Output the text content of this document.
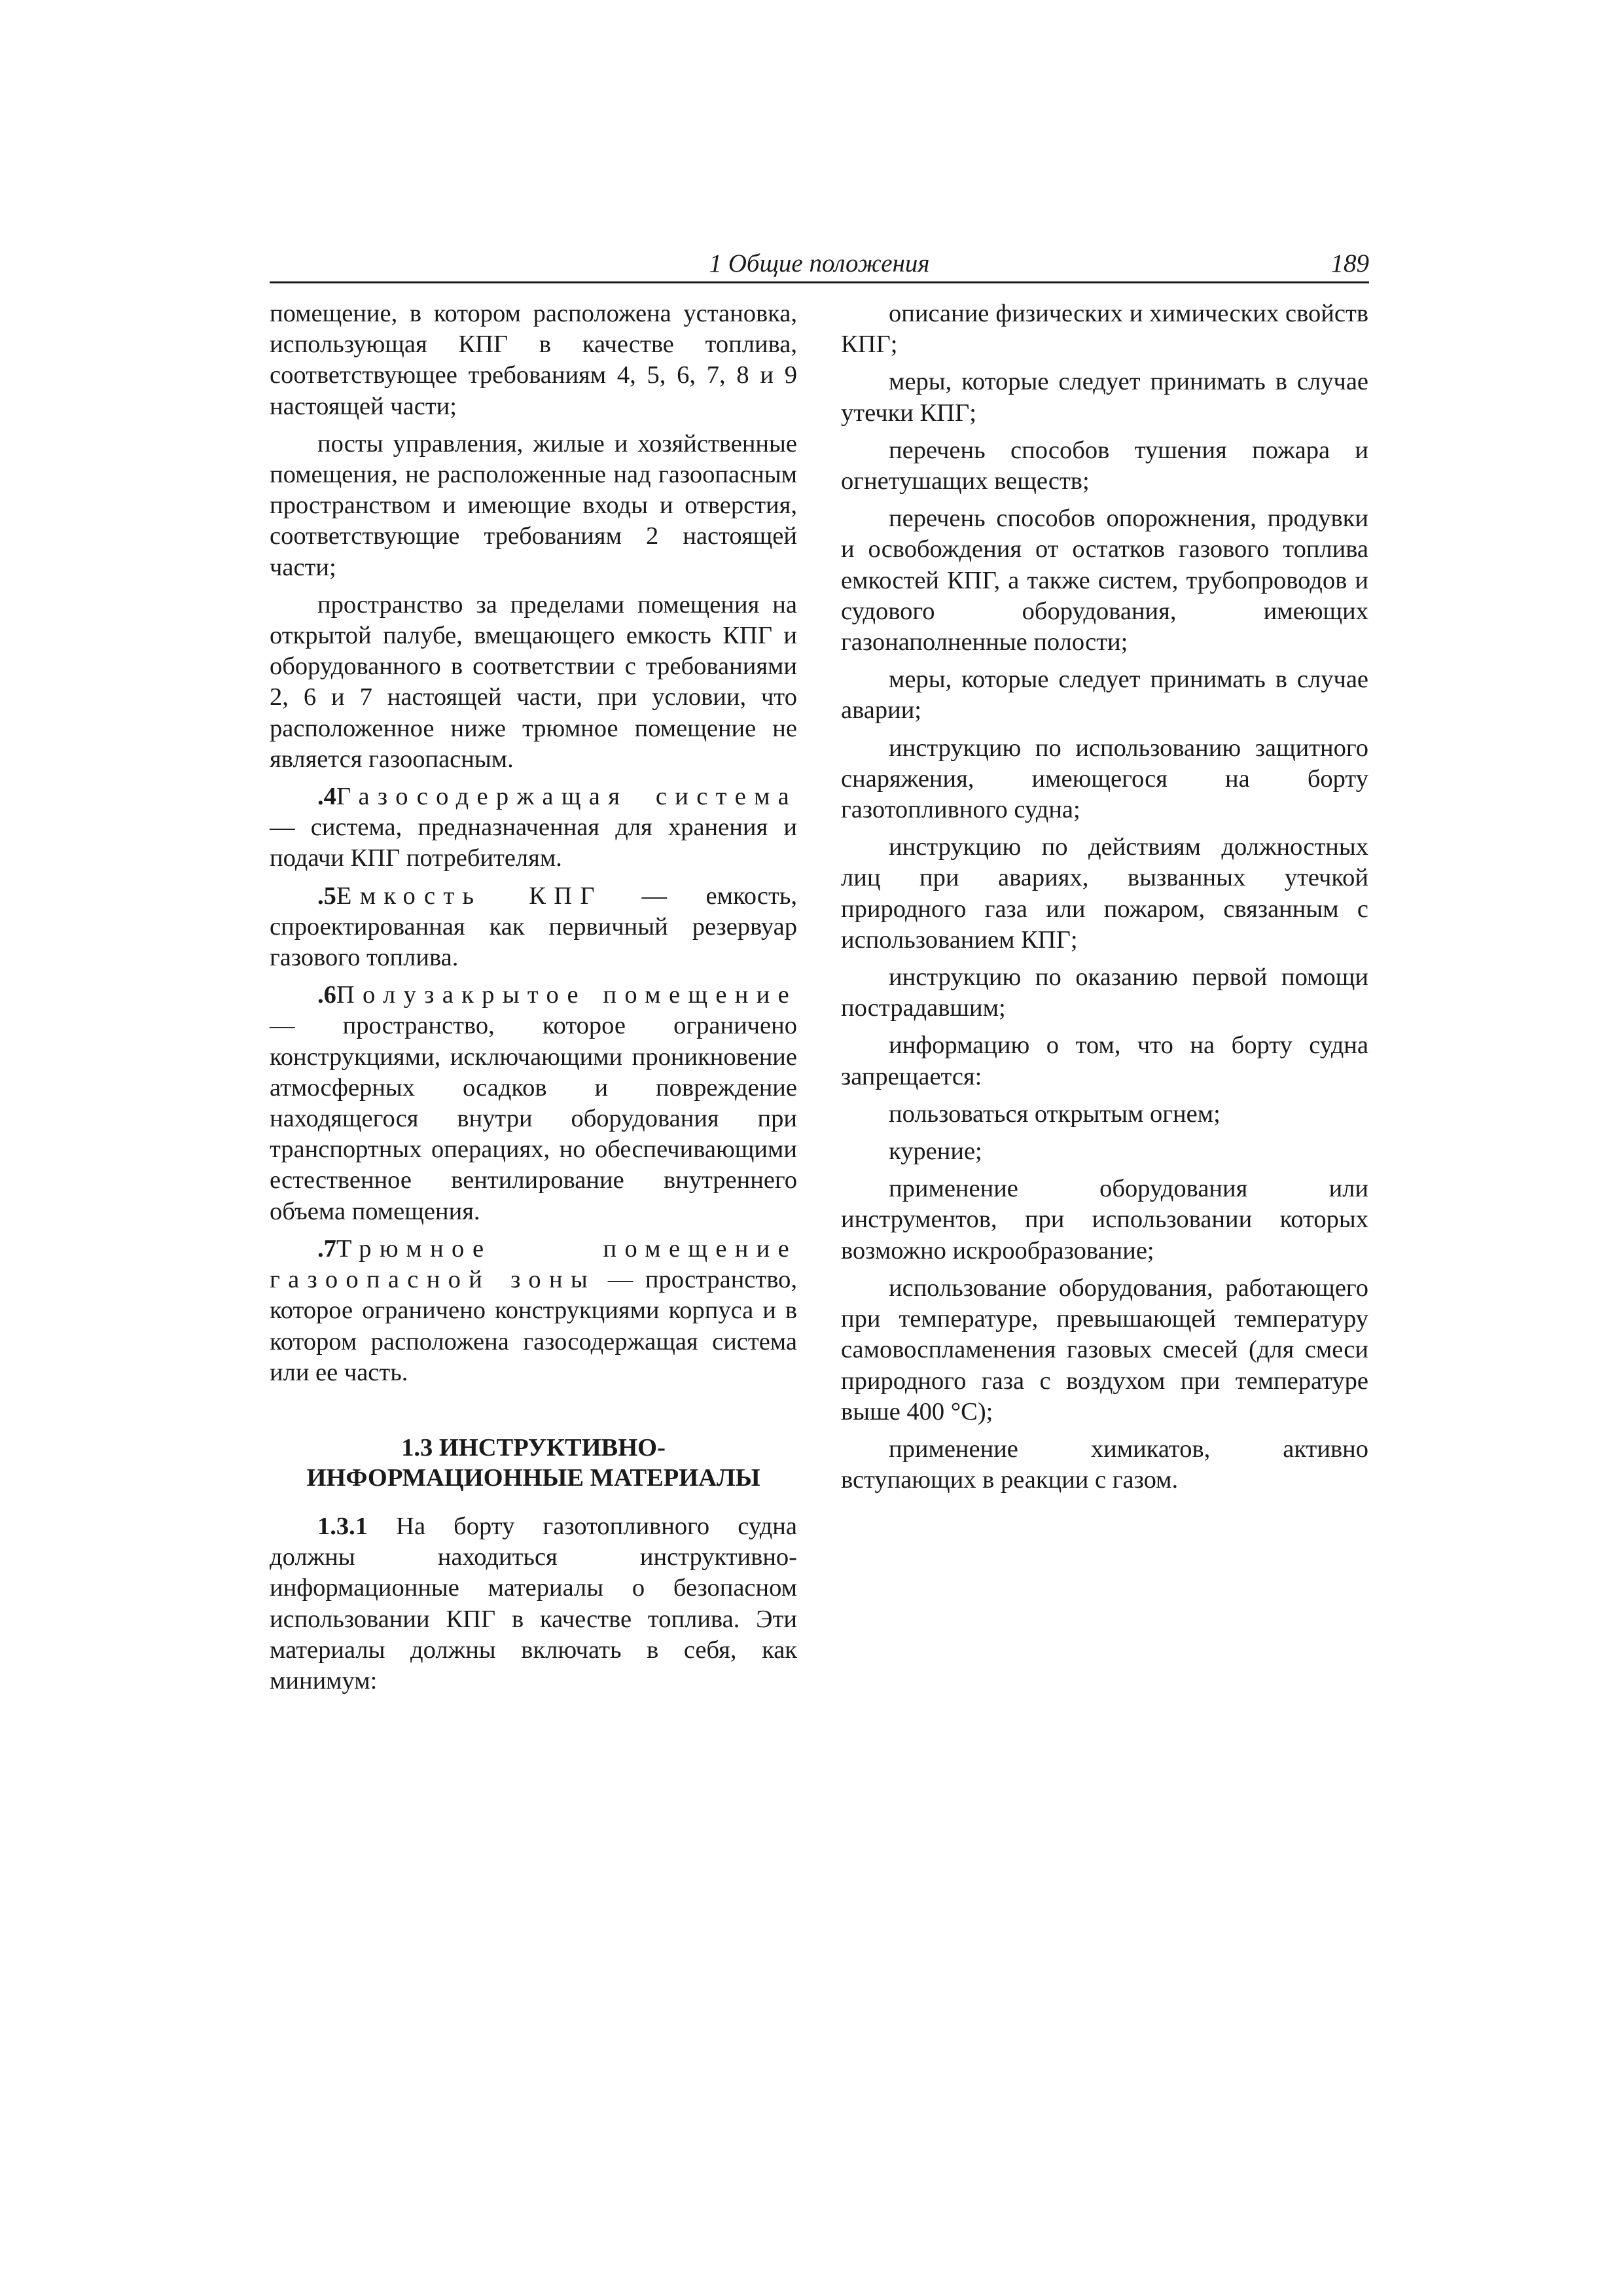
1 Общие положения	189

помещение, в котором расположена установка, использующая КПГ в качестве топлива, соответствующее требованиям 4, 5, 6, 7, 8 и 9 настоящей части;

посты управления, жилые и хозяйственные помещения, не расположенные над газоопасным пространством и имеющие входы и отверстия, соответствующие требованиям 2 настоящей части;

пространство за пределами помещения на открытой палубе, вмещающего емкость КПГ и оборудованного в соответствии с требованиями 2, 6 и 7 настоящей части, при условии, что расположенное ниже трюмное помещение не является газоопасным.

.4Газосодержащая система — система, предназначенная для хранения и подачи КПГ потребителям.

.5Емкость КПГ — емкость, спроектированная как первичный резервуар газового топлива.

.6Полузакрытое помещение — пространство, которое ограничено конструкциями, исключающими проникновение атмосферных осадков и повреждение находящегося внутри оборудования при транспортных операциях, но обеспечивающими естественное вентилирование внутреннего объема помещения.

.7Трюмное помещение газоопасной зоны — пространство, которое ограничено конструкциями корпуса и в котором расположена газосодержащая система или ее часть.

1.3 ИНСТРУКТИВНО-
ИНФОРМАЦИОННЫЕ МАТЕРИАЛЫ

1.3.1 На борту газотопливного судна должны находиться инструктивно-информационные материалы о безопасном использовании КПГ в качестве топлива. Эти материалы должны включать в себя, как минимум:

описание физических и химических свойств КПГ;

меры, которые следует принимать в случае утечки КПГ;

перечень способов тушения пожара и огнетушащих веществ;

перечень способов опорожнения, продувки и освобождения от остатков газового топлива емкостей КПГ, а также систем, трубопроводов и судового оборудования, имеющих газонаполненные полости;

меры, которые следует принимать в случае аварии;

инструкцию по использованию защитного снаряжения, имеющегося на борту газотопливного судна;

инструкцию по действиям должностных лиц при авариях, вызванных утечкой природного газа или пожаром, связанным с использованием КПГ;

инструкцию по оказанию первой помощи пострадавшим;

информацию о том, что на борту судна запрещается:

пользоваться открытым огнем;

курение;

применение оборудования или инструментов, при использовании которых возможно искрообразование;

использование оборудования, работающего при температуре, превышающей температуру самовоспламенения газовых смесей (для смеси природного газа с воздухом при температуре выше 400 °C);

применение химикатов, активно вступающих в реакции с газом.
